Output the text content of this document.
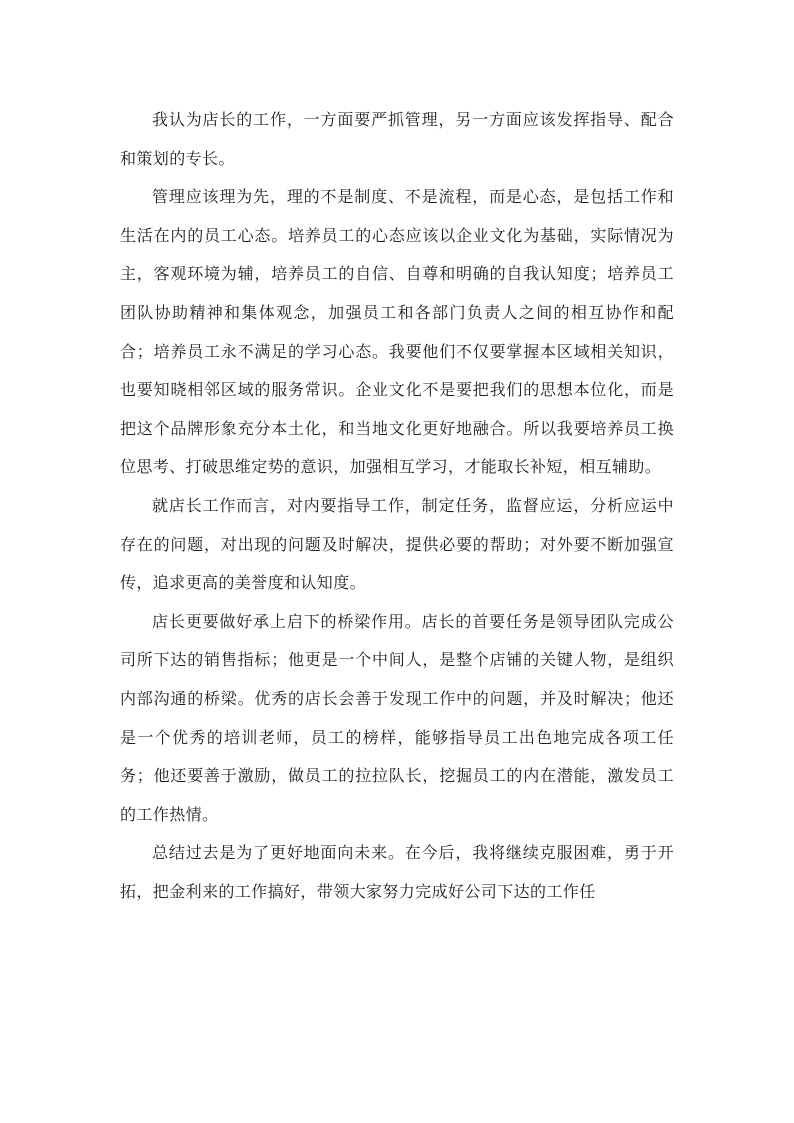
我认为店长的工作，一方面要严抓管理，另一方面应该发挥指导、配合和策划的专长。

管理应该理为先，理的不是制度、不是流程，而是心态，是包括工作和生活在内的员工心态。培养员工的心态应该以企业文化为基础，实际情况为主，客观环境为辅，培养员工的自信、自尊和明确的自我认知度；培养员工团队协助精神和集体观念，加强员工和各部门负责人之间的相互协作和配合；培养员工永不满足的学习心态。我要他们不仅要掌握本区域相关知识，也要知晓相邻区域的服务常识。企业文化不是要把我们的思想本位化，而是把这个品牌形象充分本土化，和当地文化更好地融合。所以我要培养员工换位思考、打破思维定势的意识，加强相互学习，才能取长补短，相互辅助。

就店长工作而言，对内要指导工作，制定任务，监督应运，分析应运中存在的问题，对出现的问题及时解决，提供必要的帮助；对外要不断加强宣传，追求更高的美誉度和认知度。

店长更要做好承上启下的桥梁作用。店长的首要任务是领导团队完成公司所下达的销售指标；他更是一个中间人，是整个店铺的关键人物，是组织内部沟通的桥梁。优秀的店长会善于发现工作中的问题，并及时解决；他还是一个优秀的培训老师，员工的榜样，能够指导员工出色地完成各项工任务；他还要善于激励，做员工的拉拉队长，挖掘员工的内在潜能，激发员工的工作热情。

总结过去是为了更好地面向未来。在今后，我将继续克服困难，勇于开拓，把金利来的工作搞好，带领大家努力完成好公司下达的工作任
